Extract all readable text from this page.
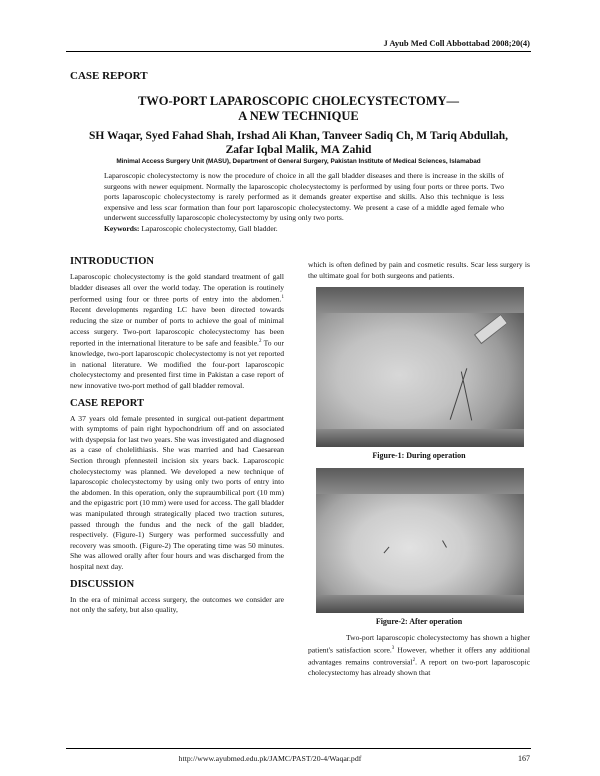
J Ayub Med Coll Abbottabad 2008;20(4)
CASE REPORT
TWO-PORT LAPAROSCOPIC CHOLECYSTECTOMY—
A NEW TECHNIQUE
SH Waqar, Syed Fahad Shah, Irshad Ali Khan, Tanveer Sadiq Ch, M Tariq Abdullah,
Zafar Iqbal Malik, MA Zahid
Minimal Access Surgery Unit (MASU), Department of General Surgery, Pakistan Institute of Medical Sciences, Islamabad
Laparoscopic cholecystectomy is now the procedure of choice in all the gall bladder diseases and there is increase in the skills of surgeons with newer equipment. Normally the laparoscopic cholecystectomy is performed by using four ports or three ports. Two ports laparoscopic cholecystectomy is rarely performed as it demands greater expertise and skills. Also this technique is less expensive and less scar formation than four port laparoscopic cholecystectomy. We present a case of a middle aged female who underwent successfully laparoscopic cholecystectomy by using only two ports.
Keywords: Laparoscopic cholecystectomy, Gall bladder.
INTRODUCTION
Laparoscopic cholecystectomy is the gold standard treatment of gall bladder diseases all over the world today. The operation is routinely performed using four or three ports of entry into the abdomen.$^1$ Recent developments regarding LC have been directed towards reducing the size or number of ports to achieve the goal of minimal access surgery. Two-port laparoscopic cholecystectomy has been reported in the international literature to be safe and feasible.$^2$ To our knowledge, two-port laparoscopic cholecystectomy is not yet reported in national literature. We modified the four-port laparoscopic cholecystectomy and presented first time in Pakistan a case report of new innovative two-port method of gall bladder removal.
CASE REPORT
A 37 years old female presented in surgical out-patient department with symptoms of pain right hypochondrium off and on associated with dyspepsia for last two years. She was investigated and diagnosed as a case of cholelithiasis. She was married and had Caesarean Section through pfennesteil incision six years back. Laparoscopic cholecystectomy was planned. We developed a new technique of laparoscopic cholecystectomy by using only two ports of entry into the abdomen. In this operation, only the supraumbilical port (10 mm) and the epigastric port (10 mm) were used for access. The gall bladder was manipulated through strategically placed two traction sutures, passed through the fundus and the neck of the gall bladder, respectively. (Figure-1) Surgery was performed successfully and recovery was smooth. (Figure-2) The operating time was 50 minutes. She was allowed orally after four hours and was discharged from the hospital next day.
DISCUSSION
In the era of minimal access surgery, the outcomes we consider are not only the safety, but also quality,
which is often defined by pain and cosmetic results. Scar less surgery is the ultimate goal for both surgeons and patients.
Figure-1: During operation
Figure-2: After operation
Two-port laparoscopic cholecystectomy has shown a higher patient's satisfaction score.$^3$ However, whether it offers any additional advantages remains controversial$^2$. A report on two-port laparoscopic cholecystectomy has already shown that
http://www.ayubmed.edu.pk/JAMC/PAST/20-4/Waqar.pdf	167
